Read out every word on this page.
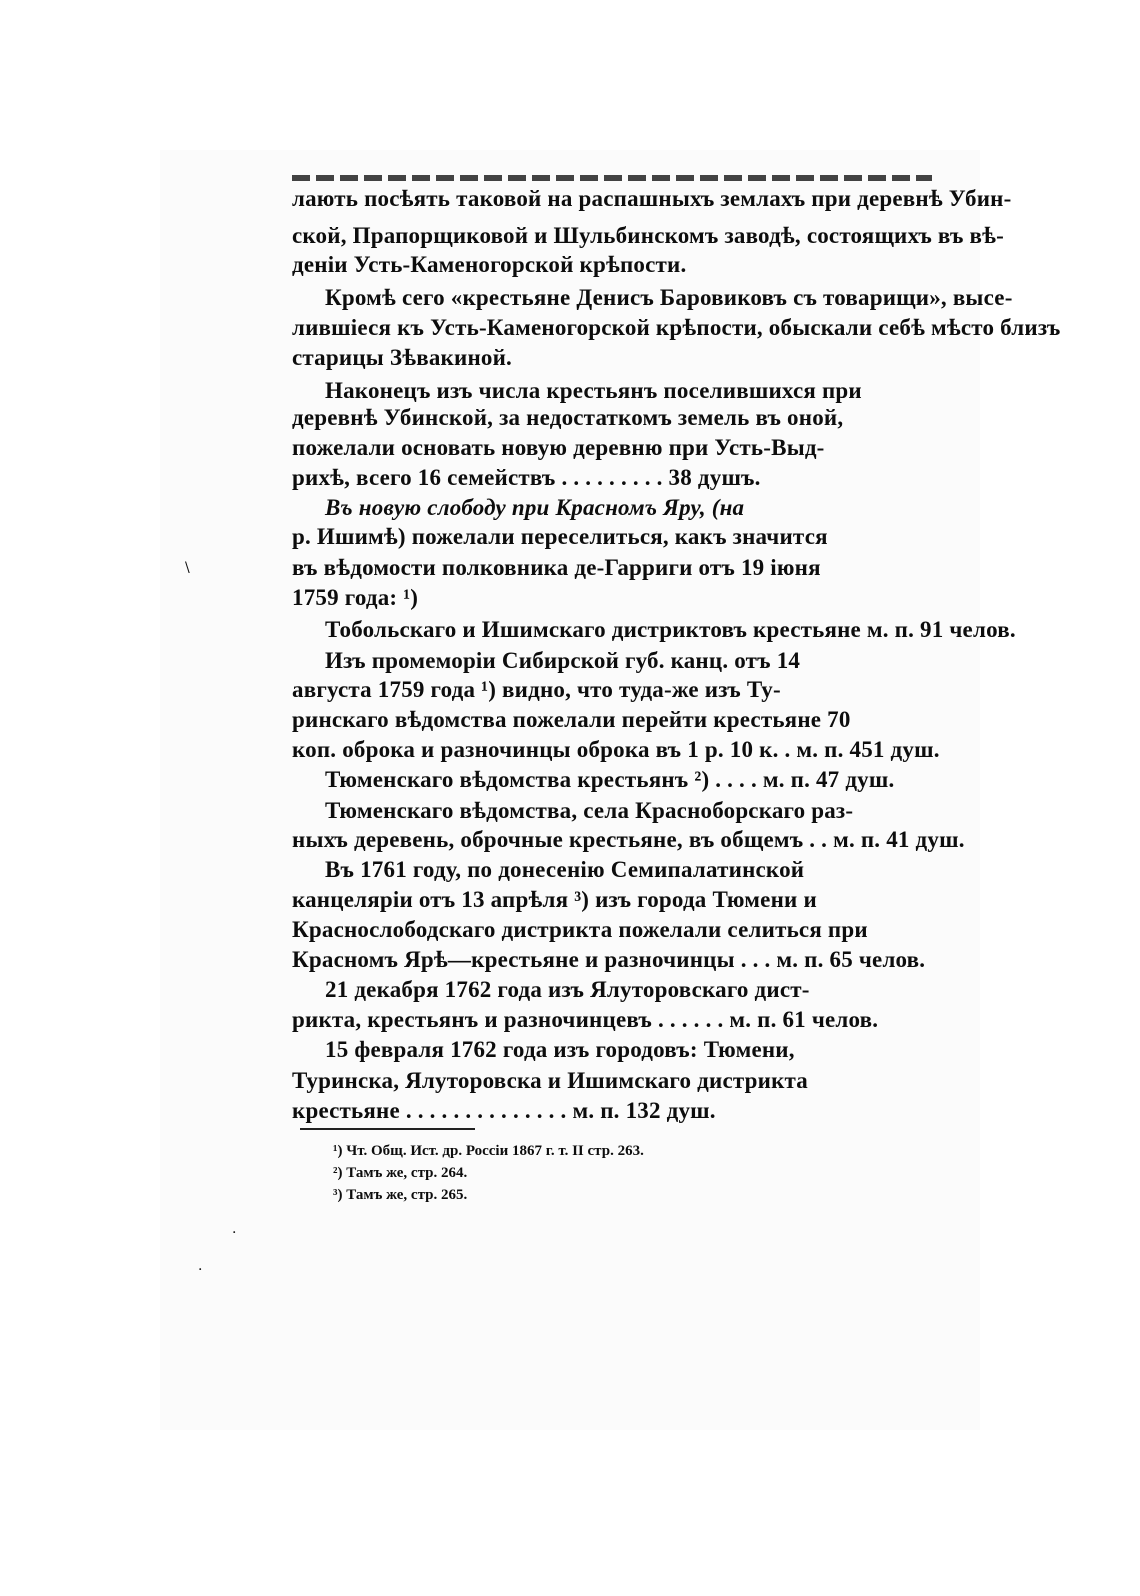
лають посѣять таковой на распашныхъ землахъ при деревнѣ Убин-
ской, Прапорщиковой и Шульбинскомъ заводѣ, состоящихъ въ вѣ-
деніи Усть-Каменогорской крѣпости.
Кромѣ сего «крестьяне Денисъ Баровиковъ съ товарищи», высе-
лившіеся къ Усть-Каменогорской крѣпости, обыскали себѣ мѣсто близъ
старицы Зѣвакиной.
Наконецъ изъ числа крестьянъ поселившихся при
деревнѣ Убинской, за недостаткомъ земель въ оной,
пожелали основать новую деревню при Усть-Выд-
рихѣ, всего 16 семействъ . . . . . . . . . 38 душъ.
Въ новую слободу при Красномъ Яру, (на
р. Ишимѣ) пожелали переселиться, какъ значится
въ вѣдомости полковника де-Гарриги отъ 19 іюня
1759 года: ¹)
Тобольскаго и Ишимскаго дистриктовъ крестьяне м. п. 91 челов.
Изъ промеморіи Сибирской губ. канц. отъ 14
августа 1759 года ¹) видно, что туда-же изъ Ту-
ринскаго вѣдомства пожелали перейти крестьяне 70
коп. оброка и разночинцы оброка въ 1 р. 10 к. . м. п. 451 душ.
Тюменскаго вѣдомства крестьянъ ²) . . . . м. п. 47 душ.
Тюменскаго вѣдомства, села Красноборскаго раз-
ныхъ деревень, оброчные крестьяне, въ общемъ . . м. п. 41 душ.
Въ 1761 году, по донесенію Семипалатинской
канцеляріи отъ 13 апрѣля ³) изъ города Тюмени и
Краснослободскаго дистрикта пожелали селиться при
Красномъ Ярѣ—крестьяне и разночинцы . . . м. п. 65 челов.
21 декабря 1762 года изъ Ялуторовскаго дист-
рикта, крестьянъ и разночинцевъ . . . . . . м. п. 61 челов.
15 февраля 1762 года изъ городовъ: Тюмени,
Туринска, Ялуторовска и Ишимскаго дистрикта
крестьяне . . . . . . . . . . . . . . м. п. 132 душ.
¹) Чт. Общ. Ист. др. Россіи 1867 г. т. II стр. 263.
²) Тамъ же, стр. 264.
³) Тамъ же, стр. 265.
\
·
·
